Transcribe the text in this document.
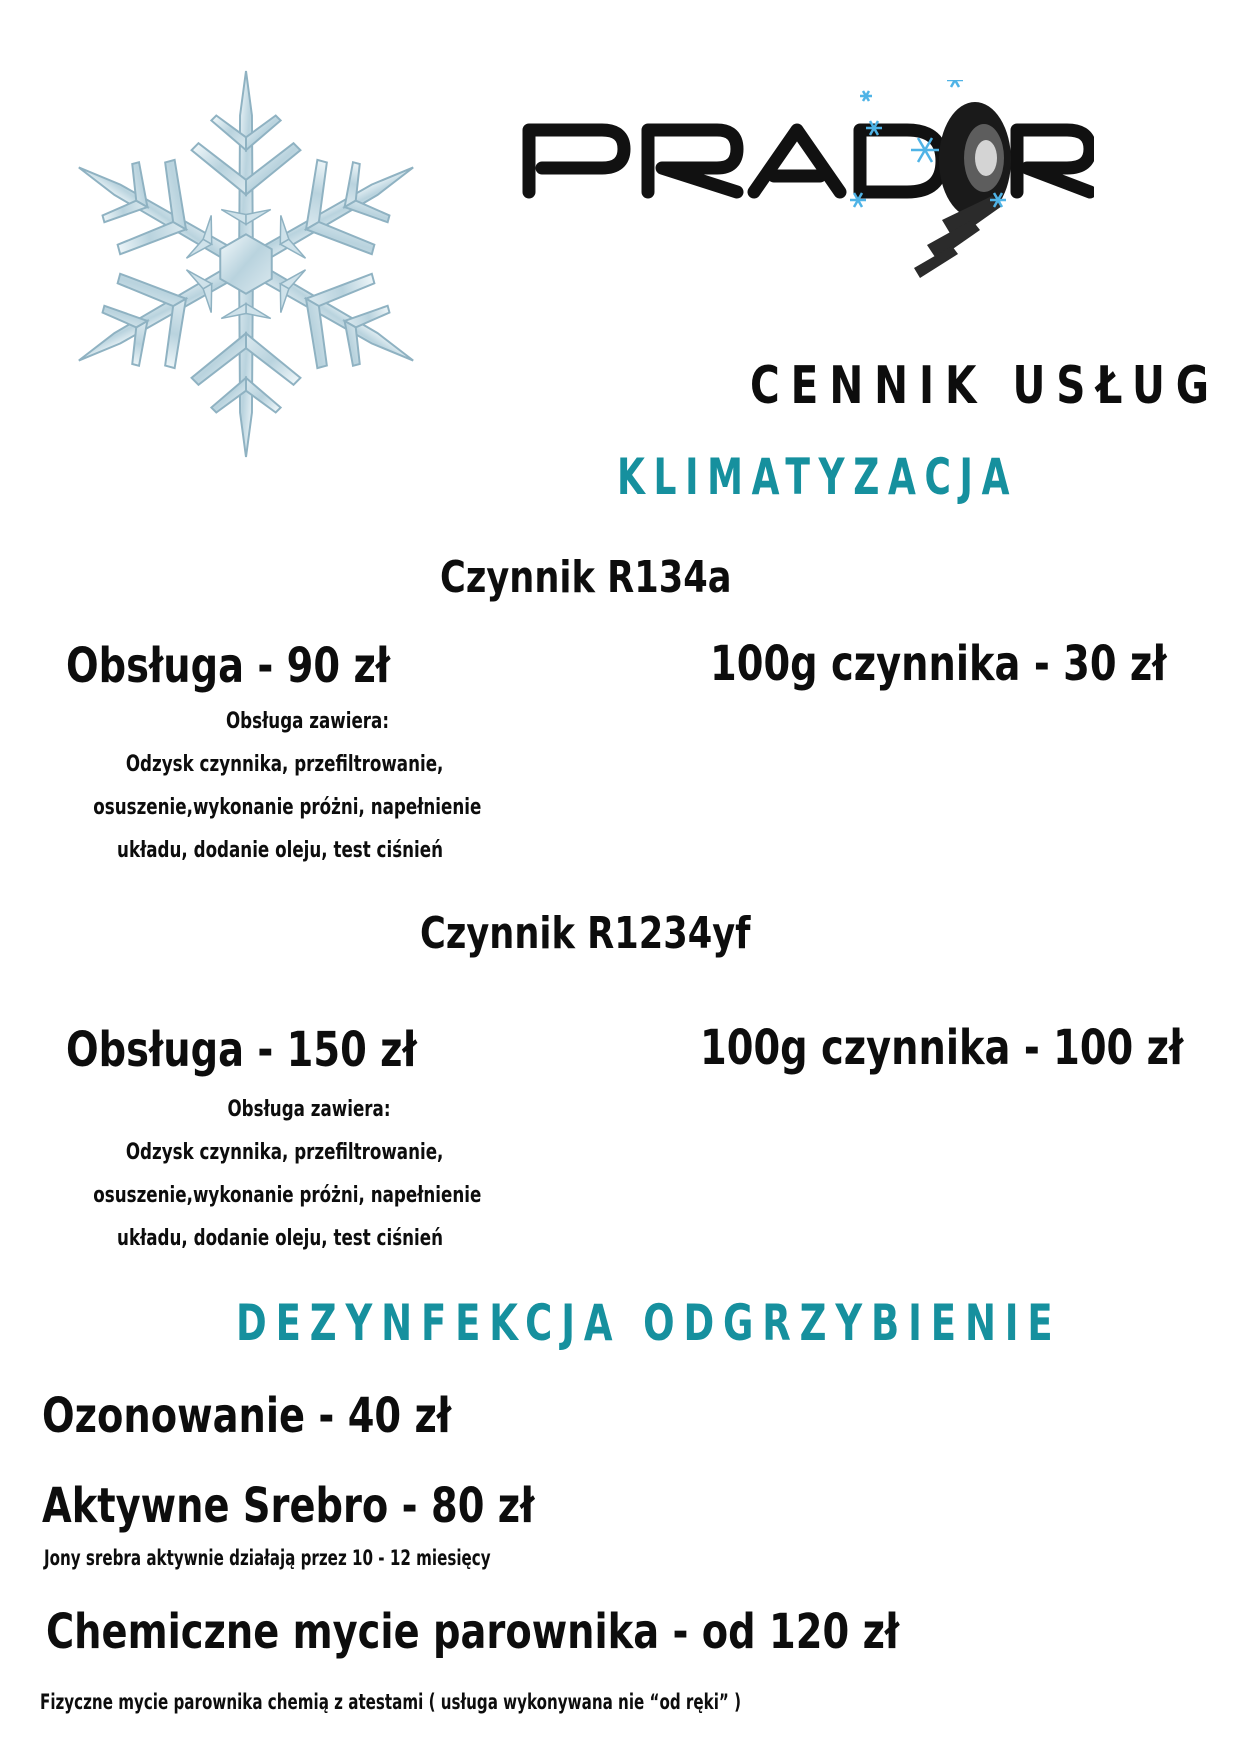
CENNIK USŁUG
KLIMATYZACJA
Czynnik R134a
Obsługa - 90 zł	100g czynnika - 30 zł
Obsługa zawiera:
Odzysk czynnika, przefiltrowanie,
osuszenie,wykonanie próżni, napełnienie
układu, dodanie oleju, test ciśnień
Czynnik R1234yf
Obsługa - 150 zł	100g czynnika - 100 zł
Obsługa zawiera:
Odzysk czynnika, przefiltrowanie,
osuszenie,wykonanie próżni, napełnienie
układu, dodanie oleju, test ciśnień
DEZYNFEKCJA ODGRZYBIENIE
Ozonowanie - 40 zł
Aktywne Srebro - 80 zł
Jony srebra aktywnie działają przez 10 - 12 miesięcy
Chemiczne mycie parownika - od 120 zł
Fizyczne mycie parownika chemią z atestami ( usługa wykonywana nie “od ręki” )
